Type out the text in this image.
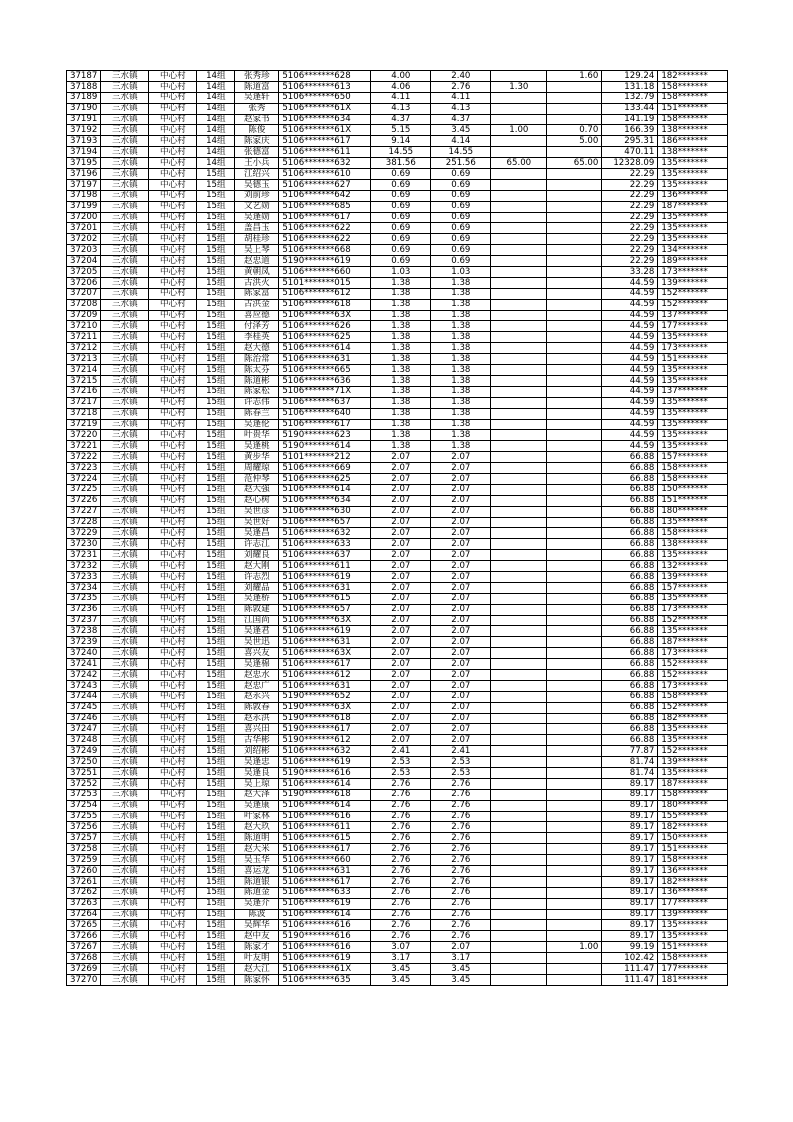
37187	三水镇	中心村	14组	张秀珍	5106*******628	4.00	2.40		1.60	129.24	182*******
37188	三水镇	中心村	14组	陈道富	5106*******613	4.06	2.76	1.30		131.18	158*******
37189	三水镇	中心村	14组	吴逢轩	5106*******650	4.11	4.11			132.79	158*******
37190	三水镇	中心村	14组	张秀	5106*******61X	4.13	4.13			133.44	151*******
37191	三水镇	中心村	14组	赵家书	5106*******634	4.37	4.37			141.19	158*******
37192	三水镇	中心村	14组	陈俊	5106*******61X	5.15	3.45	1.00	0.70	166.39	138*******
37193	三水镇	中心村	14组	陈家庆	5106*******617	9.14	4.14		5.00	295.31	186*******
37194	三水镇	中心村	14组	张德富	5106*******611	14.55	14.55			470.11	138*******
37195	三水镇	中心村	14组	王小兵	5106*******632	381.56	251.56	65.00	65.00	12328.09	135*******
37196	三水镇	中心村	15组	江绍兴	5106*******610	0.69	0.69			22.29	135*******
37197	三水镇	中心村	15组	吴德玉	5106*******627	0.69	0.69			22.29	135*******
37198	三水镇	中心村	15组	刘前珍	5106*******642	0.69	0.69			22.29	136*******
37199	三水镇	中心村	15组	文艺勋	5106*******685	0.69	0.69			22.29	187*******
37200	三水镇	中心村	15组	吴逢勋	5106*******617	0.69	0.69			22.29	135*******
37201	三水镇	中心村	15组	盖昌玉	5106*******622	0.69	0.69			22.29	135*******
37202	三水镇	中心村	15组	胡桂珍	5106*******622	0.69	0.69			22.29	135*******
37203	三水镇	中心村	15组	吴上琴	5106*******668	0.69	0.69			22.29	134*******
37204	三水镇	中心村	15组	赵忠道	5190*******619	0.69	0.69			22.29	189*******
37205	三水镇	中心村	15组	黄朝凤	5106*******660	1.03	1.03			33.28	173*******
37206	三水镇	中心村	15组	古洪火	5101*******015	1.38	1.38			44.59	139*******
37207	三水镇	中心村	15组	陈家富	5106*******612	1.38	1.38			44.59	152*******
37208	三水镇	中心村	15组	古洪金	5106*******618	1.38	1.38			44.59	152*******
37209	三水镇	中心村	15组	喜应德	5106*******63X	1.38	1.38			44.59	137*******
37210	三水镇	中心村	15组	付泽芳	5106*******626	1.38	1.38			44.59	177*******
37211	三水镇	中心村	15组	李桂英	5106*******625	1.38	1.38			44.59	135*******
37212	三水镇	中心村	15组	赵大德	5106*******614	1.38	1.38			44.59	173*******
37213	三水镇	中心村	15组	陈治常	5106*******631	1.38	1.38			44.59	151*******
37214	三水镇	中心村	15组	陈太芬	5106*******665	1.38	1.38			44.59	135*******
37215	三水镇	中心村	15组	陈道彬	5106*******636	1.38	1.38			44.59	135*******
37216	三水镇	中心村	15组	陈家松	5106*******71X	1.38	1.38			44.59	137*******
37217	三水镇	中心村	15组	许志伟	5106*******637	1.38	1.38			44.59	135*******
37218	三水镇	中心村	15组	陈春兰	5106*******640	1.38	1.38			44.59	135*******
37219	三水镇	中心村	15组	吴逢伦	5106*******617	1.38	1.38			44.59	135*******
37220	三水镇	中心村	15组	叶贵华	5190*******623	1.38	1.38			44.59	135*******
37221	三水镇	中心村	15组	吴逢桃	5190*******614	1.38	1.38			44.59	135*******
37222	三水镇	中心村	15组	黄步华	5101*******212	2.07	2.07			66.88	157*******
37223	三水镇	中心村	15组	周耀琼	5106*******669	2.07	2.07			66.88	158*******
37224	三水镇	中心村	15组	范仲琴	5106*******625	2.07	2.07			66.88	158*******
37225	三水镇	中心村	15组	赵大强	5106*******614	2.07	2.07			66.88	150*******
37226	三水镇	中心村	15组	赵心树	5106*******634	2.07	2.07			66.88	151*******
37227	三水镇	中心村	15组	吴世彦	5106*******630	2.07	2.07			66.88	180*******
37228	三水镇	中心村	15组	吴世好	5106*******657	2.07	2.07			66.88	135*******
37229	三水镇	中心村	15组	吴逢昌	5106*******632	2.07	2.07			66.88	158*******
37230	三水镇	中心村	15组	许志江	5106*******633	2.07	2.07			66.88	138*******
37231	三水镇	中心村	15组	刘耀良	5106*******637	2.07	2.07			66.88	135*******
37232	三水镇	中心村	15组	赵大刚	5106*******611	2.07	2.07			66.88	132*******
37233	三水镇	中心村	15组	许志烈	5106*******619	2.07	2.07			66.88	139*******
37234	三水镇	中心村	15组	刘耀品	5106*******631	2.07	2.07			66.88	157*******
37235	三水镇	中心村	15组	吴逢桥	5106*******615	2.07	2.07			66.88	135*******
37236	三水镇	中心村	15组	陈敦建	5106*******657	2.07	2.07			66.88	173*******
37237	三水镇	中心村	15组	江国尚	5106*******63X	2.07	2.07			66.88	152*******
37238	三水镇	中心村	15组	吴逢君	5106*******619	2.07	2.07			66.88	135*******
37239	三水镇	中心村	15组	吴世迅	5106*******631	2.07	2.07			66.88	187*******
37240	三水镇	中心村	15组	喜兴友	5106*******63X	2.07	2.07			66.88	173*******
37241	三水镇	中心村	15组	吴逢棉	5106*******617	2.07	2.07			66.88	152*******
37242	三水镇	中心村	15组	赵忠水	5106*******612	2.07	2.07			66.88	152*******
37243	三水镇	中心村	15组	赵忠广	5106*******631	2.07	2.07			66.88	173*******
37244	三水镇	中心村	15组	赵永兴	5190*******652	2.07	2.07			66.88	158*******
37245	三水镇	中心村	15组	陈敦春	5190*******63X	2.07	2.07			66.88	152*******
37246	三水镇	中心村	15组	赵永洪	5190*******618	2.07	2.07			66.88	182*******
37247	三水镇	中心村	15组	喜兴田	5190*******617	2.07	2.07			66.88	135*******
37248	三水镇	中心村	15组	古华彬	5190*******612	2.07	2.07			66.88	135*******
37249	三水镇	中心村	15组	刘绍彬	5106*******632	2.41	2.41			77.87	152*******
37250	三水镇	中心村	15组	吴逢忠	5106*******619	2.53	2.53			81.74	139*******
37251	三水镇	中心村	15组	吴逢良	5190*******616	2.53	2.53			81.74	135*******
37252	三水镇	中心村	15组	吴上琼	5106*******614	2.76	2.76			89.17	187*******
37253	三水镇	中心村	15组	赵大泽	5190*******618	2.76	2.76			89.17	158*******
37254	三水镇	中心村	15组	吴逢康	5106*******614	2.76	2.76			89.17	180*******
37255	三水镇	中心村	15组	叶家林	5106*******616	2.76	2.76			89.17	155*******
37256	三水镇	中心村	15组	赵大玖	5106*******611	2.76	2.76			89.17	182*******
37257	三水镇	中心村	15组	陈道明	5106*******615	2.76	2.76			89.17	150*******
37258	三水镇	中心村	15组	赵大米	5106*******617	2.76	2.76			89.17	151*******
37259	三水镇	中心村	15组	吴玉华	5106*******660	2.76	2.76			89.17	158*******
37260	三水镇	中心村	15组	喜运龙	5106*******631	2.76	2.76			89.17	136*******
37261	三水镇	中心村	15组	陈道银	5106*******617	2.76	2.76			89.17	182*******
37262	三水镇	中心村	15组	陈道金	5106*******633	2.76	2.76			89.17	136*******
37263	三水镇	中心村	15组	吴逢介	5106*******619	2.76	2.76			89.17	177*******
37264	三水镇	中心村	15组	陈波	5106*******614	2.76	2.76			89.17	139*******
37265	三水镇	中心村	15组	吴辉华	5106*******616	2.76	2.76			89.17	135*******
37266	三水镇	中心村	15组	赵中友	5190*******616	2.76	2.76			89.17	135*******
37267	三水镇	中心村	15组	陈家才	5106*******616	3.07	2.07		1.00	99.19	151*******
37268	三水镇	中心村	15组	叶友明	5106*******619	3.17	3.17			102.42	158*******
37269	三水镇	中心村	15组	赵大江	5106*******61X	3.45	3.45			111.47	177*******
37270	三水镇	中心村	15组	陈家怀	5106*******635	3.45	3.45			111.47	181*******
